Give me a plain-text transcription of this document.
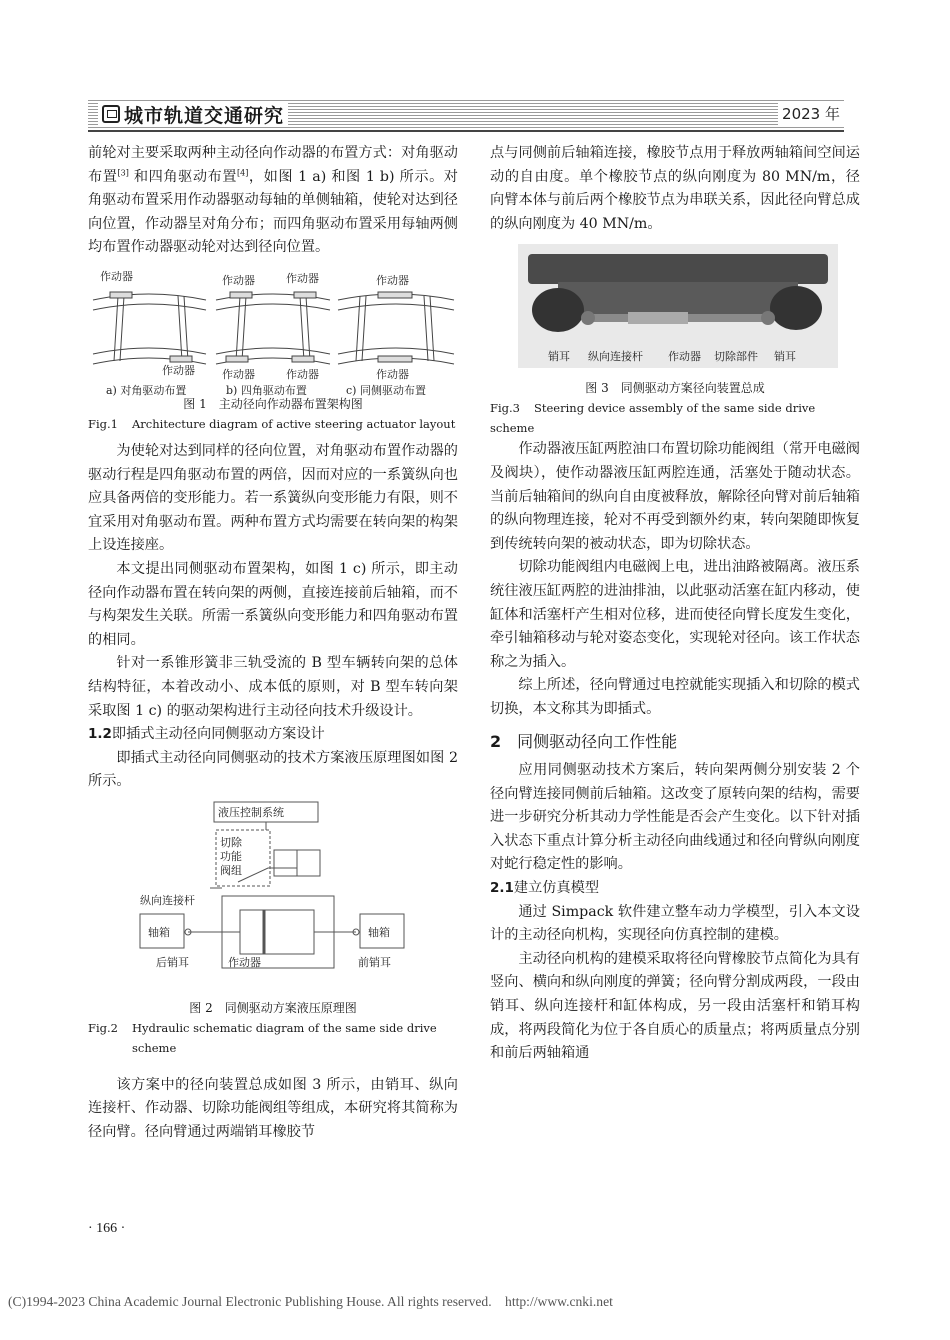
城市轨道交通研究	2023 年

前轮对主要采取两种主动径向作动器的布置方式：对角驱动布置[3] 和四角驱动布置[4]，如图 1 a) 和图 1 b) 所示。对角驱动布置采用作动器驱动每轴的单侧轴箱，使轮对达到径向位置，作动器呈对角分布；而四角驱动布置采用每轴两侧均布置作动器驱动轮对达到径向位置。

作动器
作动器
作动器	作动器
作动器	作动器
作动器
作动器
a) 对角驱动布置	b) 四角驱动布置	c) 同侧驱动布置
图 1　主动径向作动器布置架构图
Fig.1 Architecture diagram of active steering actuator layout

为使轮对达到同样的径向位置，对角驱动布置作动器的驱动行程是四角驱动布置的两倍，因而对应的一系簧纵向也应具备两倍的变形能力。若一系簧纵向变形能力有限，则不宜采用对角驱动布置。两种布置方式均需要在转向架的构架上设连接座。

本文提出同侧驱动布置架构，如图 1 c) 所示，即主动径向作动器布置在转向架的两侧，直接连接前后轴箱，而不与构架发生关联。所需一系簧纵向变形能力和四角驱动布置的相同。

针对一系锥形簧非三轨受流的 B 型车辆转向架的总体结构特征，本着改动小、成本低的原则，对 B 型车转向架采取图 1 c) 的驱动架构进行主动径向技术升级设计。

1.2即插式主动径向同侧驱动方案设计

即插式主动径向同侧驱动的技术方案液压原理图如图 2 所示。

液压控制系统
切除
功能
阀组
纵向连接杆
轴箱	轴箱
后销耳	作动器	前销耳
图 2　同侧驱动方案液压原理图
Fig.2 Hydraulic schematic diagram of the same side drive scheme

该方案中的径向装置总成如图 3 所示，由销耳、纵向连接杆、作动器、切除功能阀组等组成，本研究将其简称为径向臂。径向臂通过两端销耳橡胶节

点与同侧前后轴箱连接，橡胶节点用于释放两轴箱间空间运动的自由度。单个橡胶节点的纵向刚度为 80 MN/m，径向臂本体与前后两个橡胶节点为串联关系，因此径向臂总成的纵向刚度为 40 MN/m。

销耳 纵向连接杆 作动器 切除部件 销耳
图 3　同侧驱动方案径向装置总成
Fig.3 Steering device assembly of the same side drive scheme

作动器液压缸两腔油口布置切除功能阀组（常开电磁阀及阀块），使作动器液压缸两腔连通，活塞处于随动状态。当前后轴箱间的纵向自由度被释放，解除径向臂对前后轴箱的纵向物理连接，轮对不再受到额外约束，转向架随即恢复到传统转向架的被动状态，即为切除状态。

切除功能阀组内电磁阀上电，进出油路被隔离。液压系统往液压缸两腔的进油排油，以此驱动活塞在缸内移动，使缸体和活塞杆产生相对位移，进而使径向臂长度发生变化，牵引轴箱移动与轮对姿态变化，实现轮对径向。该工作状态称之为插入。

综上所述，径向臂通过电控就能实现插入和切除的模式切换，本文称其为即插式。

2 同侧驱动径向工作性能

应用同侧驱动技术方案后，转向架两侧分别安装 2 个径向臂连接同侧前后轴箱。这改变了原转向架的结构，需要进一步研究分析其动力学性能是否会产生变化。以下针对插入状态下重点计算分析主动径向曲线通过和径向臂纵向刚度对蛇行稳定性的影响。

2.1建立仿真模型

通过 Simpack 软件建立整车动力学模型，引入本文设计的主动径向机构，实现径向仿真控制的建模。

主动径向机构的建模采取将径向臂橡胶节点简化为具有竖向、横向和纵向刚度的弹簧；径向臂分割成两段，一段由销耳、纵向连接杆和缸体构成，另一段由活塞杆和销耳构成，将两段简化为位于各自质心的质量点；将两质量点分别和前后两轴箱通

· 166 ·
(C)1994-2023 China Academic Journal Electronic Publishing House. All rights reserved. http://www.cnki.net
